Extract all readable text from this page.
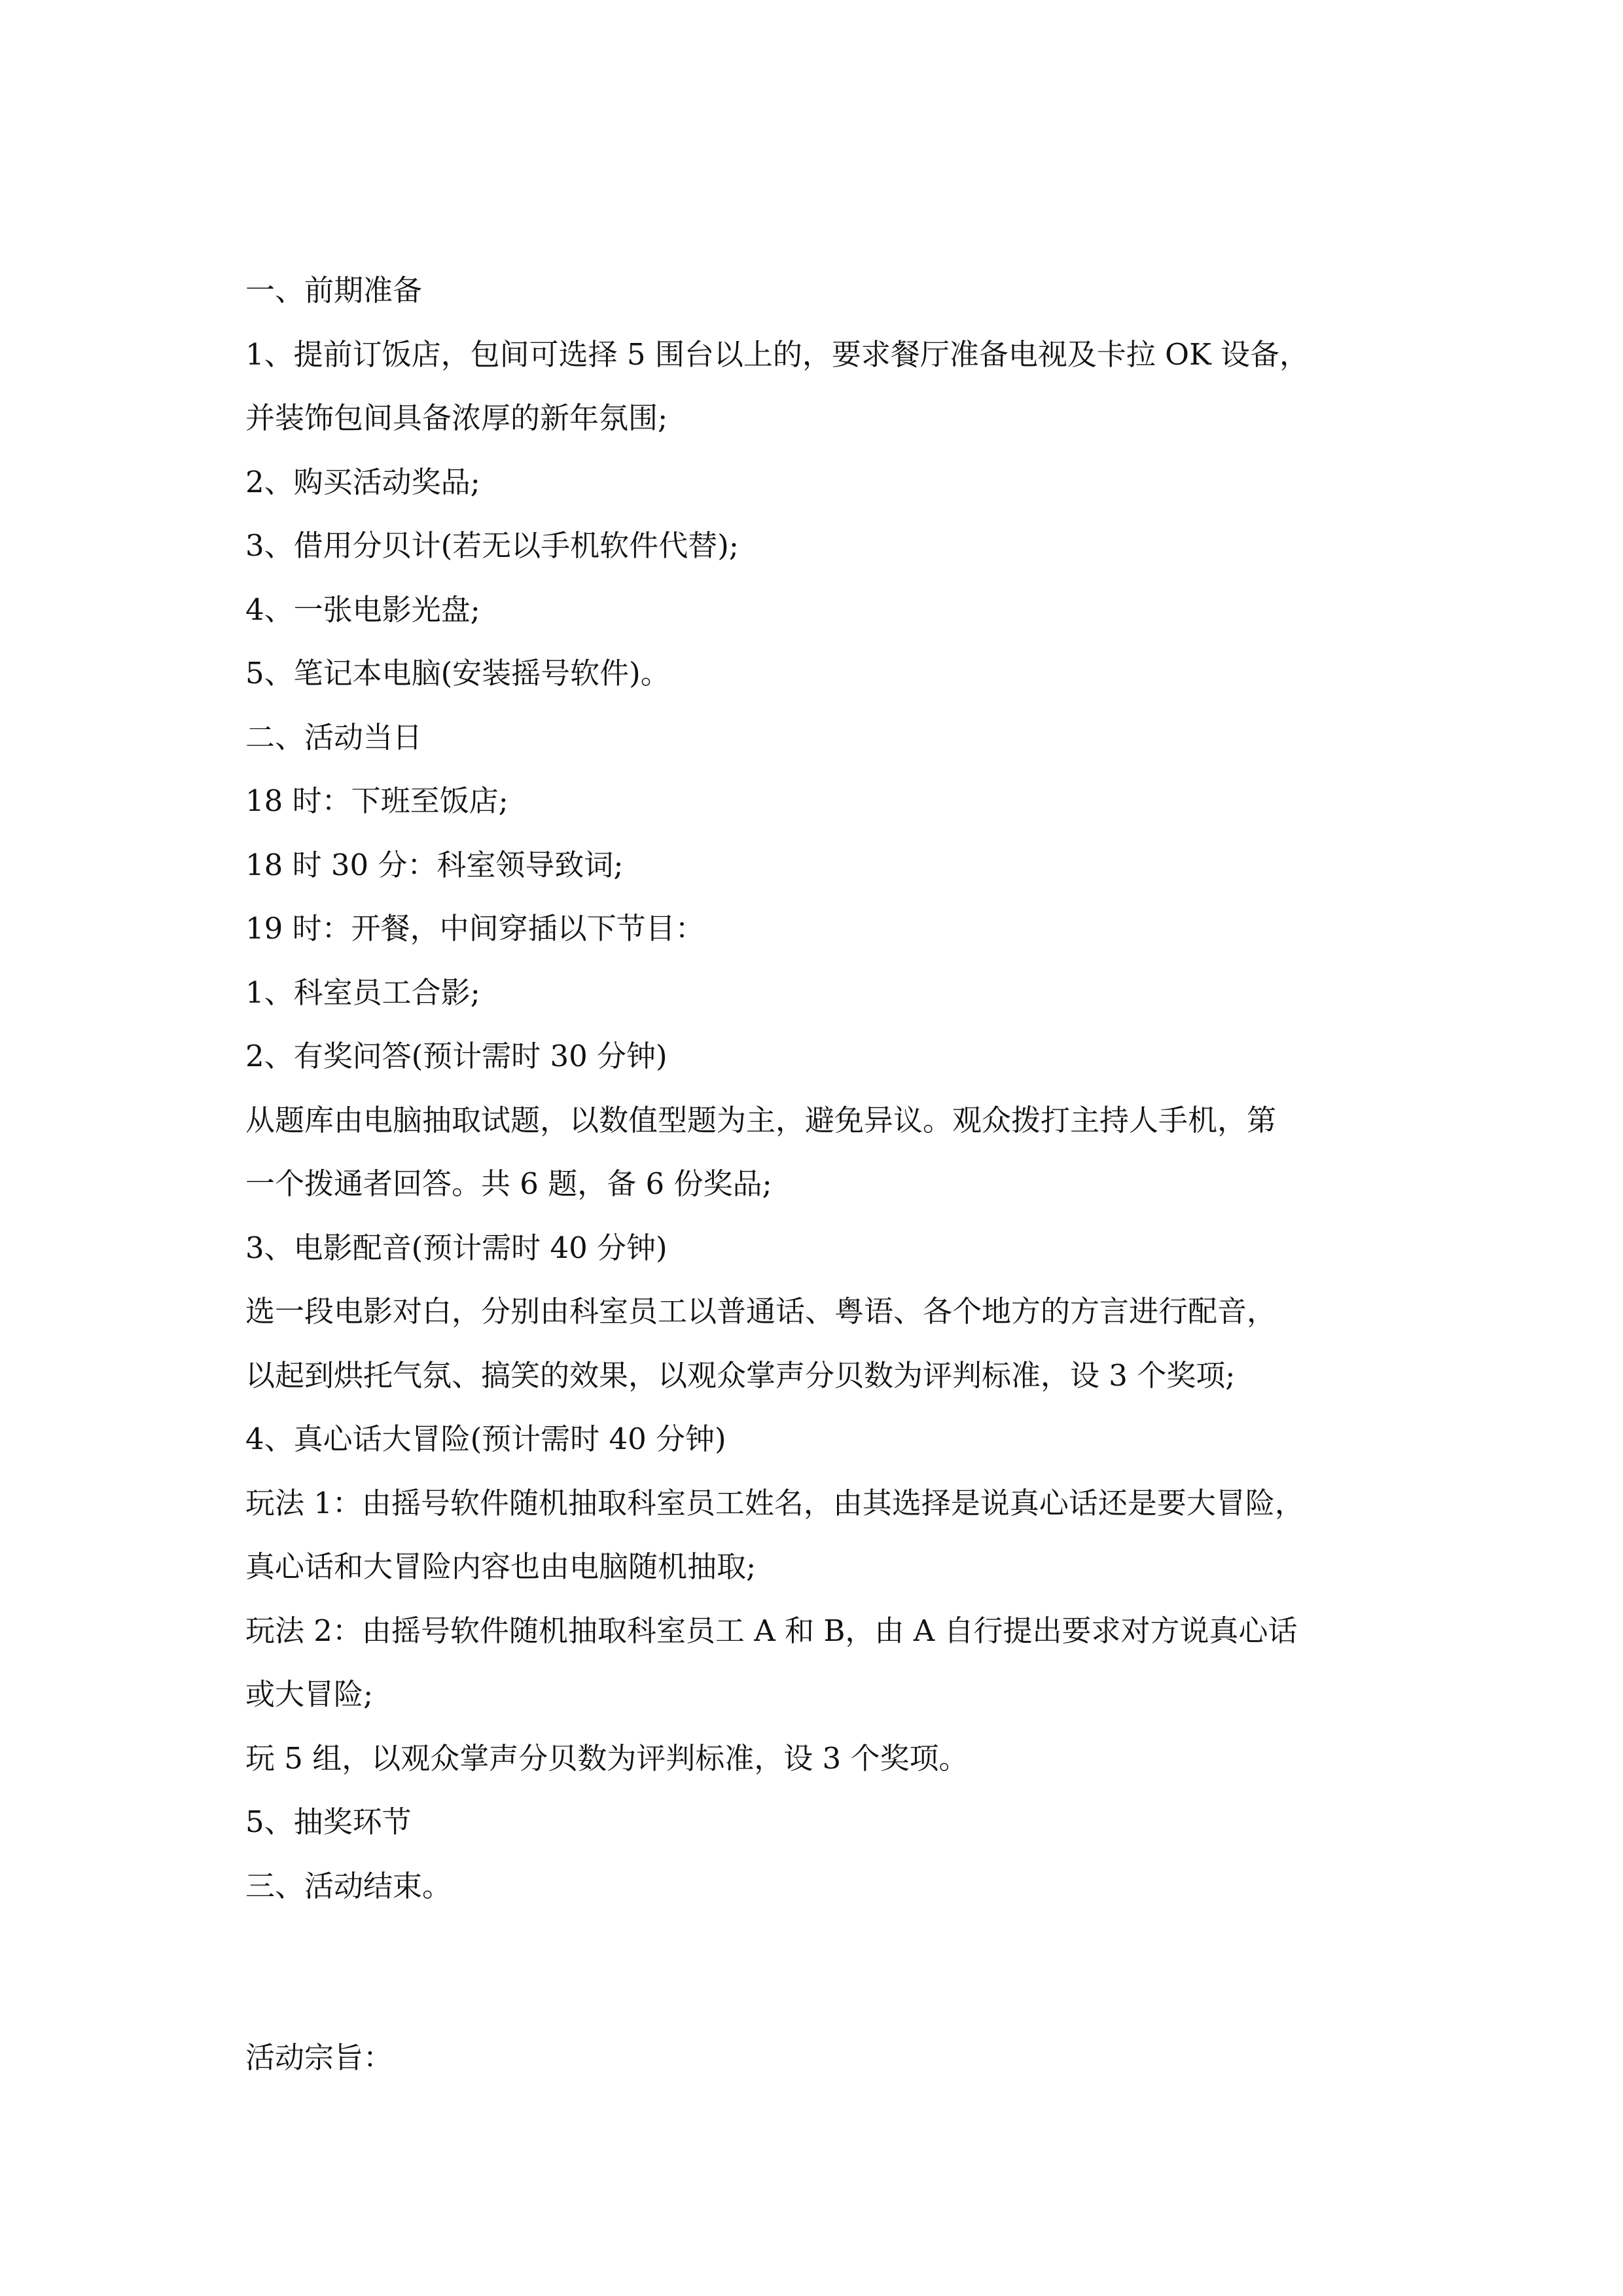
一、前期准备
1、提前订饭店，包间可选择 5 围台以上的，要求餐厅准备电视及卡拉 OK 设备，
并装饰包间具备浓厚的新年氛围;
2、购买活动奖品;
3、借用分贝计(若无以手机软件代替);
4、一张电影光盘;
5、笔记本电脑(安装摇号软件)。
二、活动当日
18 时：下班至饭店;
18 时 30 分：科室领导致词;
19 时：开餐，中间穿插以下节目：
1、科室员工合影;
2、有奖问答(预计需时 30 分钟)
从题库由电脑抽取试题，以数值型题为主，避免异议。观众拨打主持人手机，第
一个拨通者回答。共 6 题，备 6 份奖品;
3、电影配音(预计需时 40 分钟)
选一段电影对白，分别由科室员工以普通话、粤语、各个地方的方言进行配音，
以起到烘托气氛、搞笑的效果，以观众掌声分贝数为评判标准，设 3 个奖项;
4、真心话大冒险(预计需时 40 分钟)
玩法 1：由摇号软件随机抽取科室员工姓名，由其选择是说真心话还是要大冒险，
真心话和大冒险内容也由电脑随机抽取;
玩法 2：由摇号软件随机抽取科室员工 A 和 B，由 A 自行提出要求对方说真心话
或大冒险;
玩 5 组，以观众掌声分贝数为评判标准，设 3 个奖项。
5、抽奖环节
三、活动结束。
活动宗旨：
